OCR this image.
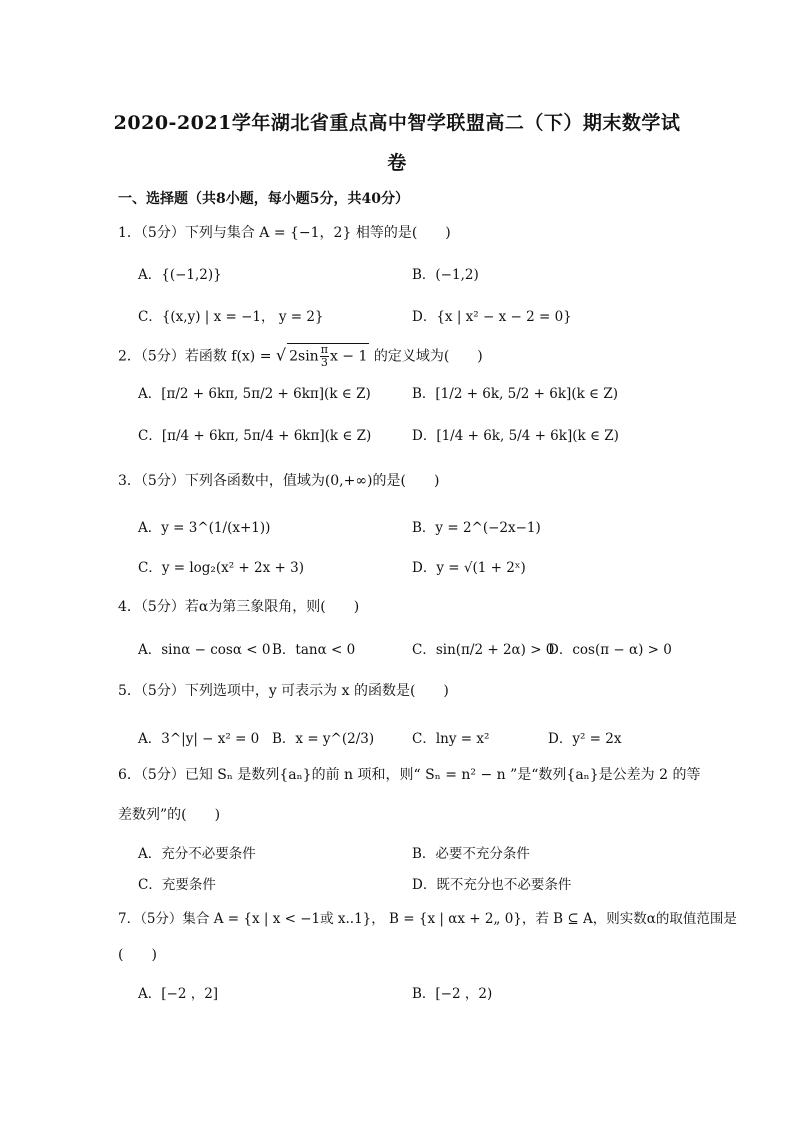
2020-2021学年湖北省重点高中智学联盟高二（下）期末数学试
卷
一、选择题（共8小题，每小题5分，共40分）
1．（5分）下列与集合 A = {−1，2} 相等的是(　　)
A．{(−1,2)}	B．(−1,2)
C．{(x,y) | x = −1， y = 2}	D．{x | x² − x − 2 = 0}
2．（5分）若函数 f(x) = √ $2\sin \frac{\pi}{3}$ x − 1 的定义域为(　　)
A．[π/2 + 6kπ, 5π/2 + 6kπ](k ∈ Z)	B．[1/2 + 6k, 5/2 + 6k](k ∈ Z)
C．[π/4 + 6kπ, 5π/4 + 6kπ](k ∈ Z)	D．[1/4 + 6k, 5/4 + 6k](k ∈ Z)
3．（5分）下列各函数中，值域为(0,+∞)的是(　　)
A．y = 3^(1/(x+1))	B．y = 2^(−2x−1)
C．y = log₂(x² + 2x + 3)	D．y = √(1 + 2ˣ)
4．（5分）若α为第三象限角，则(　　)
A．sinα − cosα < 0 B．tanα < 0	C．sin(π/2 + 2α) > 0
D．cos(π − α) > 0
5．（5分）下列选项中，y 可表示为 x 的函数是(　　)
A．3^|y| − x² = 0 B．x = y^(2/3)	C．lny = x²	D．y² = 2x
6．（5分）已知 Sₙ 是数列{aₙ}的前 n 项和，则“ Sₙ = n² − n ”是“数列{aₙ}是公差为 2 的等
差数列”的(　　)
A．充分不必要条件	B．必要不充分条件
C．充要条件	D．既不充分也不必要条件
7．（5分）集合 A = {x | x < −1或 x..1}， B = {x | αx + 2„ 0}，若 B ⊆ A，则实数α的取值范围是
(　　)
A．[−2 ，2]	B．[−2 ，2)
